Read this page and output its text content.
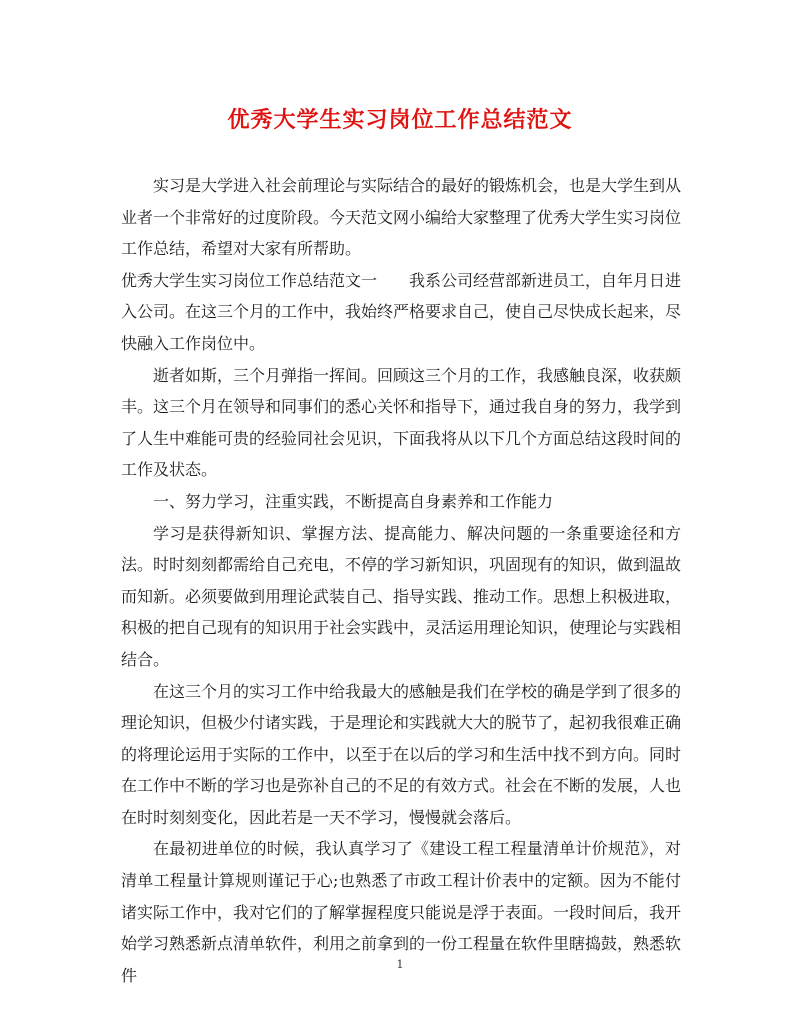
优秀大学生实习岗位工作总结范文

实习是大学进入社会前理论与实际结合的最好的锻炼机会，也是大学生到从业者一个非常好的过度阶段。今天范文网小编给大家整理了优秀大学生实习岗位工作总结，希望对大家有所帮助。

优秀大学生实习岗位工作总结范文一　　我系公司经营部新进员工，自年月日进入公司。在这三个月的工作中，我始终严格要求自己，使自己尽快成长起来，尽快融入工作岗位中。

逝者如斯，三个月弹指一挥间。回顾这三个月的工作，我感触良深，收获颇丰。这三个月在领导和同事们的悉心关怀和指导下，通过我自身的努力，我学到了人生中难能可贵的经验同社会见识，下面我将从以下几个方面总结这段时间的工作及状态。

一、努力学习，注重实践，不断提高自身素养和工作能力

学习是获得新知识、掌握方法、提高能力、解决问题的一条重要途径和方法。时时刻刻都需给自己充电，不停的学习新知识，巩固现有的知识，做到温故而知新。必须要做到用理论武装自己、指导实践、推动工作。思想上积极进取，积极的把自己现有的知识用于社会实践中，灵活运用理论知识，使理论与实践相结合。

在这三个月的实习工作中给我最大的感触是我们在学校的确是学到了很多的理论知识，但极少付诸实践，于是理论和实践就大大的脱节了，起初我很难正确的将理论运用于实际的工作中，以至于在以后的学习和生活中找不到方向。同时在工作中不断的学习也是弥补自己的不足的有效方式。社会在不断的发展，人也在时时刻刻变化，因此若是一天不学习，慢慢就会落后。

在最初进单位的时候，我认真学习了《建设工程工程量清单计价规范》，对清单工程量计算规则谨记于心;也熟悉了市政工程计价表中的定额。因为不能付诸实际工作中，我对它们的了解掌握程度只能说是浮于表面。一段时间后，我开始学习熟悉新点清单软件，利用之前拿到的一份工程量在软件里瞎捣鼓，熟悉软件

1
